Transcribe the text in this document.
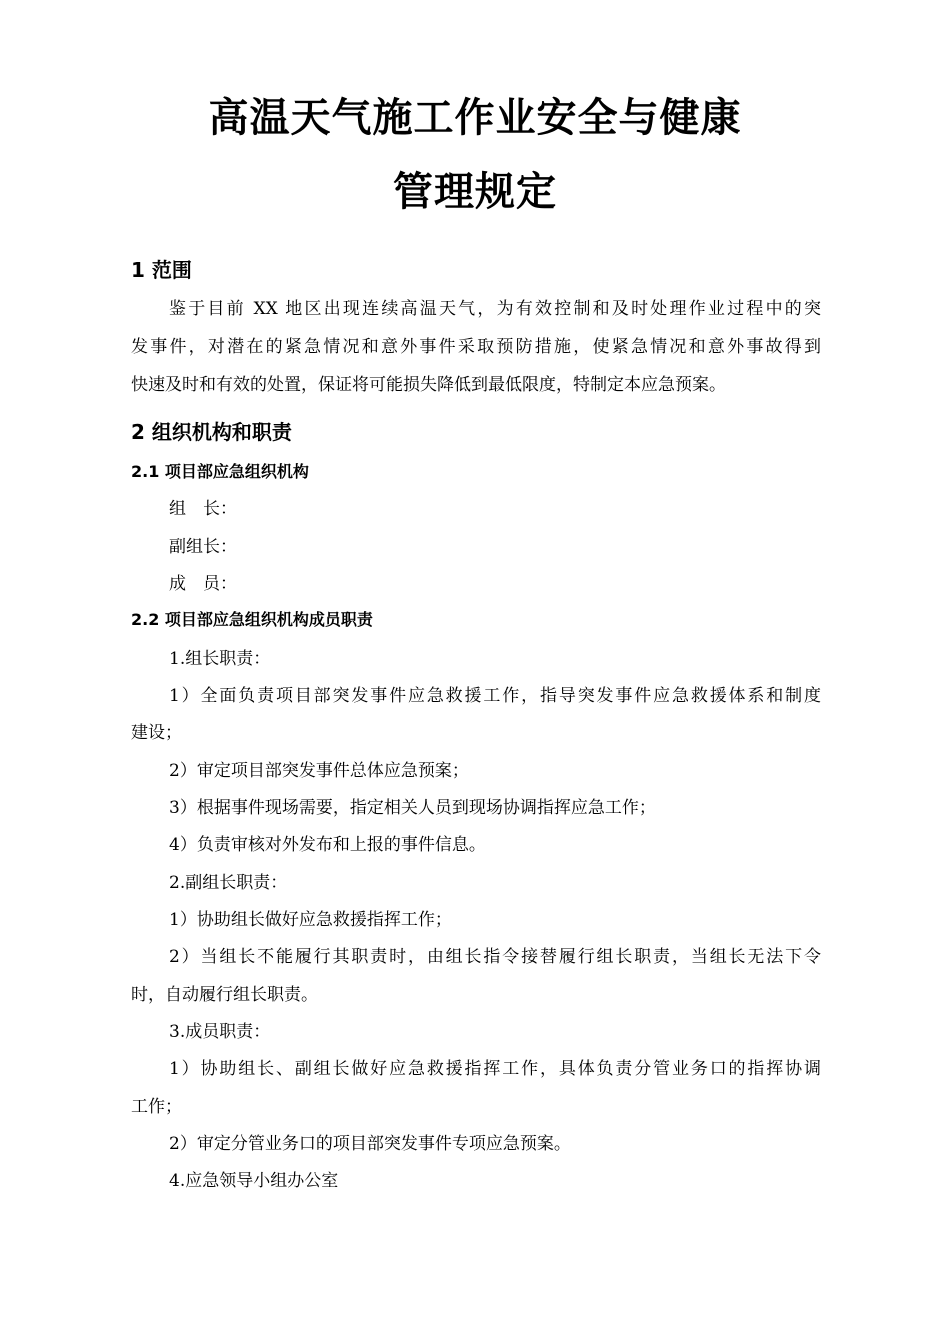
高温天气施工作业安全与健康
管理规定
1 范围
鉴于目前 XX 地区出现连续高温天气，为有效控制和及时处理作业过程中的突
发事件，对潜在的紧急情况和意外事件采取预防措施，使紧急情况和意外事故得到
快速及时和有效的处置，保证将可能损失降低到最低限度，特制定本应急预案。
2 组织机构和职责
2.1 项目部应急组织机构
组　长：
副组长：
成　员：
2.2 项目部应急组织机构成员职责
1.组长职责：
1）全面负责项目部突发事件应急救援工作，指导突发事件应急救援体系和制度
建设；
2）审定项目部突发事件总体应急预案；
3）根据事件现场需要，指定相关人员到现场协调指挥应急工作；
4）负责审核对外发布和上报的事件信息。
2.副组长职责：
1）协助组长做好应急救援指挥工作；
2）当组长不能履行其职责时，由组长指令接替履行组长职责，当组长无法下令
时，自动履行组长职责。
3.成员职责：
1）协助组长、副组长做好应急救援指挥工作，具体负责分管业务口的指挥协调
工作；
2）审定分管业务口的项目部突发事件专项应急预案。
4.应急领导小组办公室
